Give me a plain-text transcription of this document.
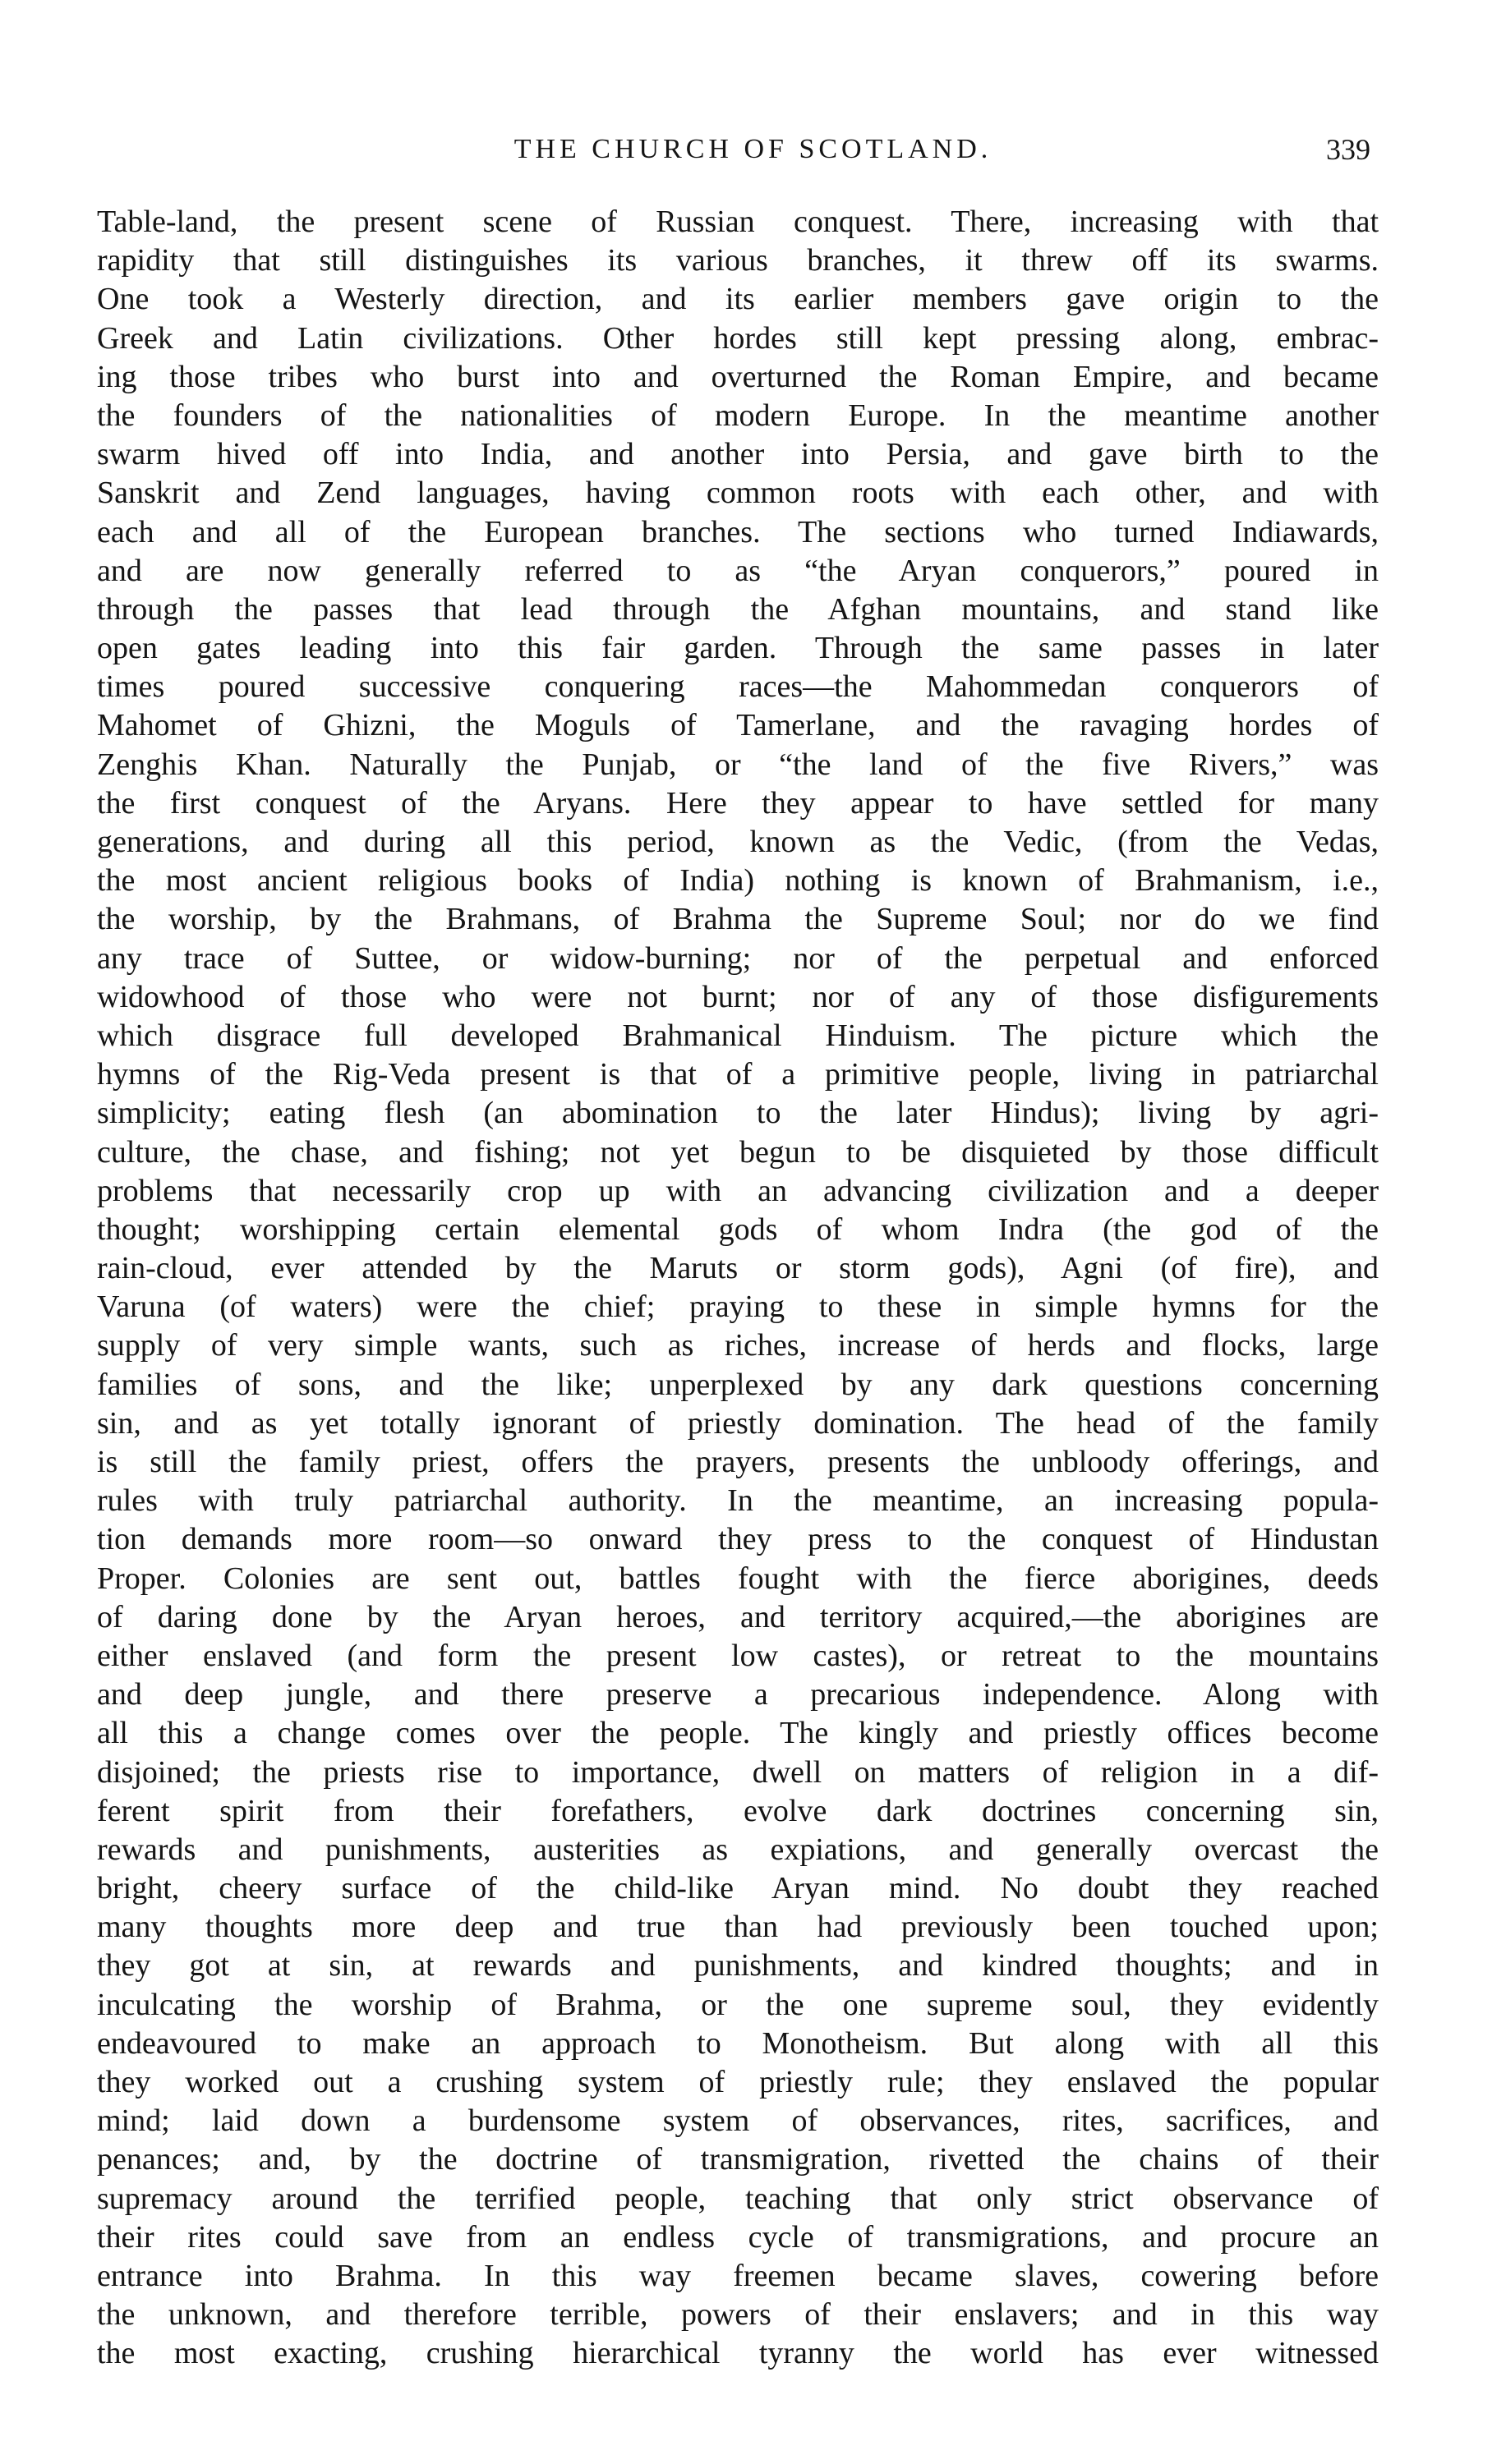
THE CHURCH OF SCOTLAND.	339
Table-land, the present scene of Russian conquest. There, increasing with that
rapidity that still distinguishes its various branches, it threw off its swarms.
One took a Westerly direction, and its earlier members gave origin to the
Greek and Latin civilizations. Other hordes still kept pressing along, embrac-
ing those tribes who burst into and overturned the Roman Empire, and became
the founders of the nationalities of modern Europe. In the meantime another
swarm hived off into India, and another into Persia, and gave birth to the
Sanskrit and Zend languages, having common roots with each other, and with
each and all of the European branches. The sections who turned Indiawards,
and are now generally referred to as “the Aryan conquerors,” poured in
through the passes that lead through the Afghan mountains, and stand like
open gates leading into this fair garden. Through the same passes in later
times poured successive conquering races—the Mahommedan conquerors of
Mahomet of Ghizni, the Moguls of Tamerlane, and the ravaging hordes of
Zenghis Khan. Naturally the Punjab, or “the land of the five Rivers,” was
the first conquest of the Aryans. Here they appear to have settled for many
generations, and during all this period, known as the Vedic, (from the Vedas,
the most ancient religious books of India) nothing is known of Brahmanism, i.e.,
the worship, by the Brahmans, of Brahma the Supreme Soul; nor do we find
any trace of Suttee, or widow-burning; nor of the perpetual and enforced
widowhood of those who were not burnt; nor of any of those disfigurements
which disgrace full developed Brahmanical Hinduism. The picture which the
hymns of the Rig-Veda present is that of a primitive people, living in patriarchal
simplicity; eating flesh (an abomination to the later Hindus); living by agri-
culture, the chase, and fishing; not yet begun to be disquieted by those difficult
problems that necessarily crop up with an advancing civilization and a deeper
thought; worshipping certain elemental gods of whom Indra (the god of the
rain-cloud, ever attended by the Maruts or storm gods), Agni (of fire), and
Varuna (of waters) were the chief; praying to these in simple hymns for the
supply of very simple wants, such as riches, increase of herds and flocks, large
families of sons, and the like; unperplexed by any dark questions concerning
sin, and as yet totally ignorant of priestly domination. The head of the family
is still the family priest, offers the prayers, presents the unbloody offerings, and
rules with truly patriarchal authority. In the meantime, an increasing popula-
tion demands more room—so onward they press to the conquest of Hindustan
Proper. Colonies are sent out, battles fought with the fierce aborigines, deeds
of daring done by the Aryan heroes, and territory acquired,—the aborigines are
either enslaved (and form the present low castes), or retreat to the mountains
and deep jungle, and there preserve a precarious independence. Along with
all this a change comes over the people. The kingly and priestly offices become
disjoined; the priests rise to importance, dwell on matters of religion in a dif-
ferent spirit from their forefathers, evolve dark doctrines concerning sin,
rewards and punishments, austerities as expiations, and generally overcast the
bright, cheery surface of the child-like Aryan mind. No doubt they reached
many thoughts more deep and true than had previously been touched upon;
they got at sin, at rewards and punishments, and kindred thoughts; and in
inculcating the worship of Brahma, or the one supreme soul, they evidently
endeavoured to make an approach to Monotheism. But along with all this
they worked out a crushing system of priestly rule; they enslaved the popular
mind; laid down a burdensome system of observances, rites, sacrifices, and
penances; and, by the doctrine of transmigration, rivetted the chains of their
supremacy around the terrified people, teaching that only strict observance of
their rites could save from an endless cycle of transmigrations, and procure an
entrance into Brahma. In this way freemen became slaves, cowering before
the unknown, and therefore terrible, powers of their enslavers; and in this way
the most exacting, crushing hierarchical tyranny the world has ever witnessed
